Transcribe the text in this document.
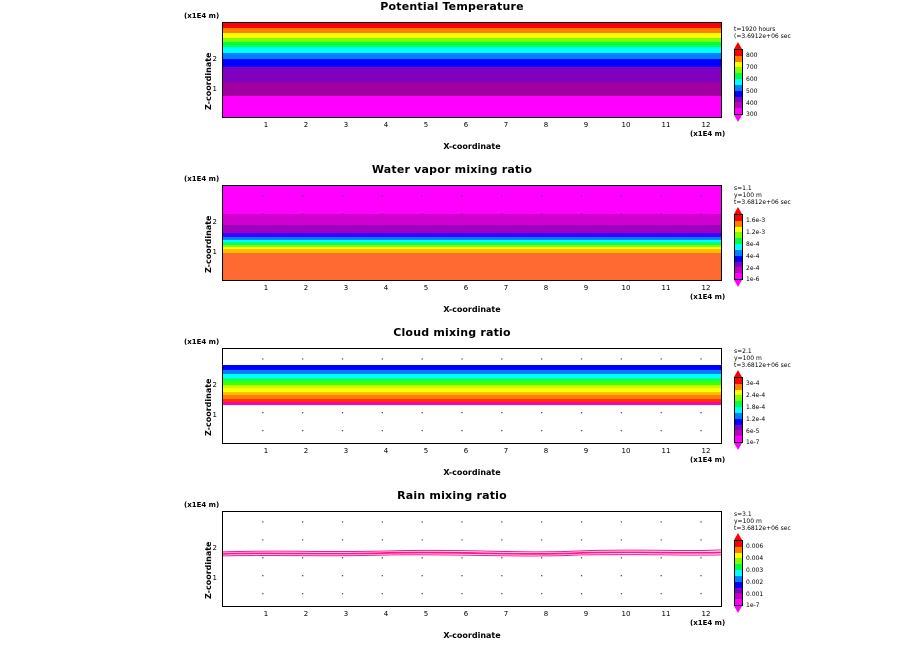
Potential Temperature
(x1E4 m)
Z-coordinate 2
1
1	2	3	4	5	6	7	8	9	10	11	12
X-coordinate
(x1E4 m)
t=1920 hours
(=3.6912e+06 sec
800
700
600
500
400
300
Water vapor mixing ratio
(x1E4 m)
Z-coordinate 2
1
1	2	3	4	5	6	7	8	9	10	11	12
X-coordinate
(x1E4 m)
s=1.1
y=100 m
t=3.6812e+06 sec
1.6e-3
1.2e-3
8e-4
4e-4
2e-4
1e-6
Cloud mixing ratio
(x1E4 m)
Z-coordinate 2
1
1	2	3	4	5	6	7	8	9	10	11	12
X-coordinate
(x1E4 m)
s=2.1
y=100 m
t=3.6812e+06 sec
3e-4
2.4e-4
1.8e-4
1.2e-4
6e-5
1e-7
Rain mixing ratio
(x1E4 m)
Z-coordinate 2
1
1	2	3	4	5	6	7	8	9	10	11	12
X-coordinate
(x1E4 m)
s=3.1
y=100 m
t=3.6812e+06 sec
0.006
0.004
0.003
0.002
0.001
1e-7
